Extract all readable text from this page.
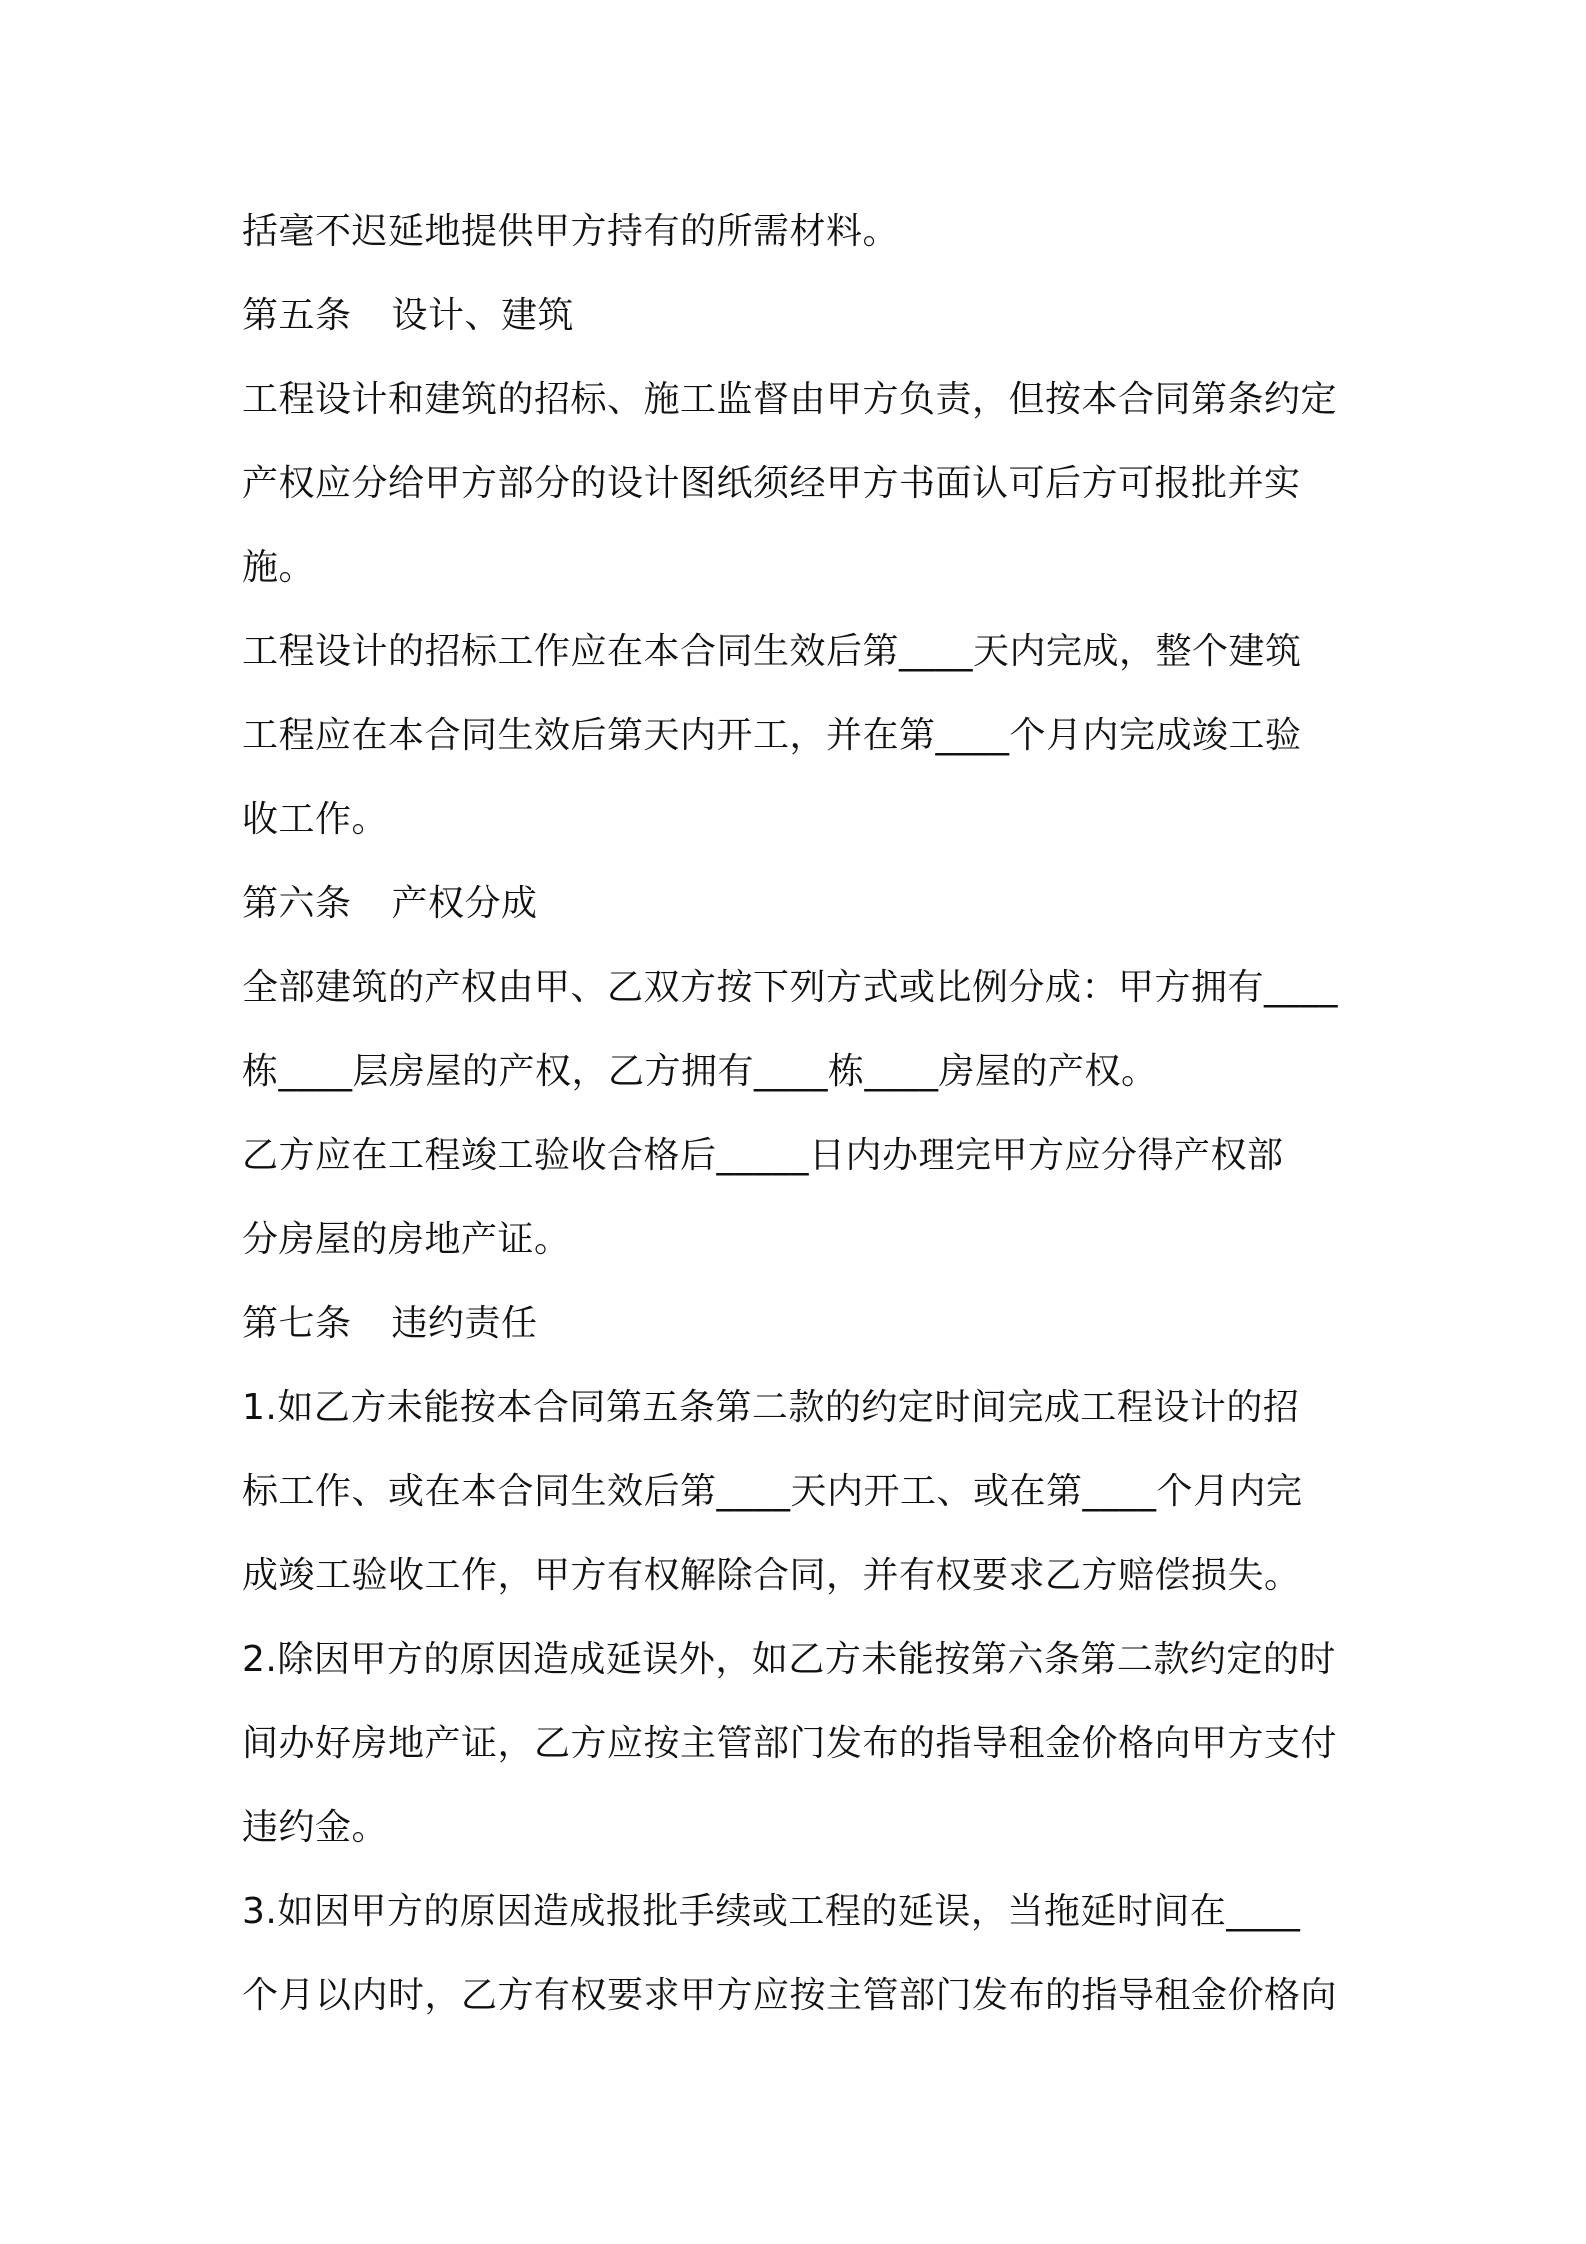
括毫不迟延地提供甲方持有的所需材料。
第五条 设计、建筑
工程设计和建筑的招标、施工监督由甲方负责，但按本合同第条约定
产权应分给甲方部分的设计图纸须经甲方书面认可后方可报批并实
施。
工程设计的招标工作应在本合同生效后第____天内完成，整个建筑
工程应在本合同生效后第天内开工，并在第____个月内完成竣工验
收工作。
第六条 产权分成
全部建筑的产权由甲、乙双方按下列方式或比例分成：甲方拥有____
栋____层房屋的产权，乙方拥有____栋____房屋的产权。
乙方应在工程竣工验收合格后_____日内办理完甲方应分得产权部
分房屋的房地产证。
第七条 违约责任
1.如乙方未能按本合同第五条第二款的约定时间完成工程设计的招
标工作、或在本合同生效后第____天内开工、或在第____个月内完
成竣工验收工作，甲方有权解除合同，并有权要求乙方赔偿损失。
2.除因甲方的原因造成延误外，如乙方未能按第六条第二款约定的时
间办好房地产证，乙方应按主管部门发布的指导租金价格向甲方支付
违约金。
3.如因甲方的原因造成报批手续或工程的延误，当拖延时间在____
个月以内时，乙方有权要求甲方应按主管部门发布的指导租金价格向
